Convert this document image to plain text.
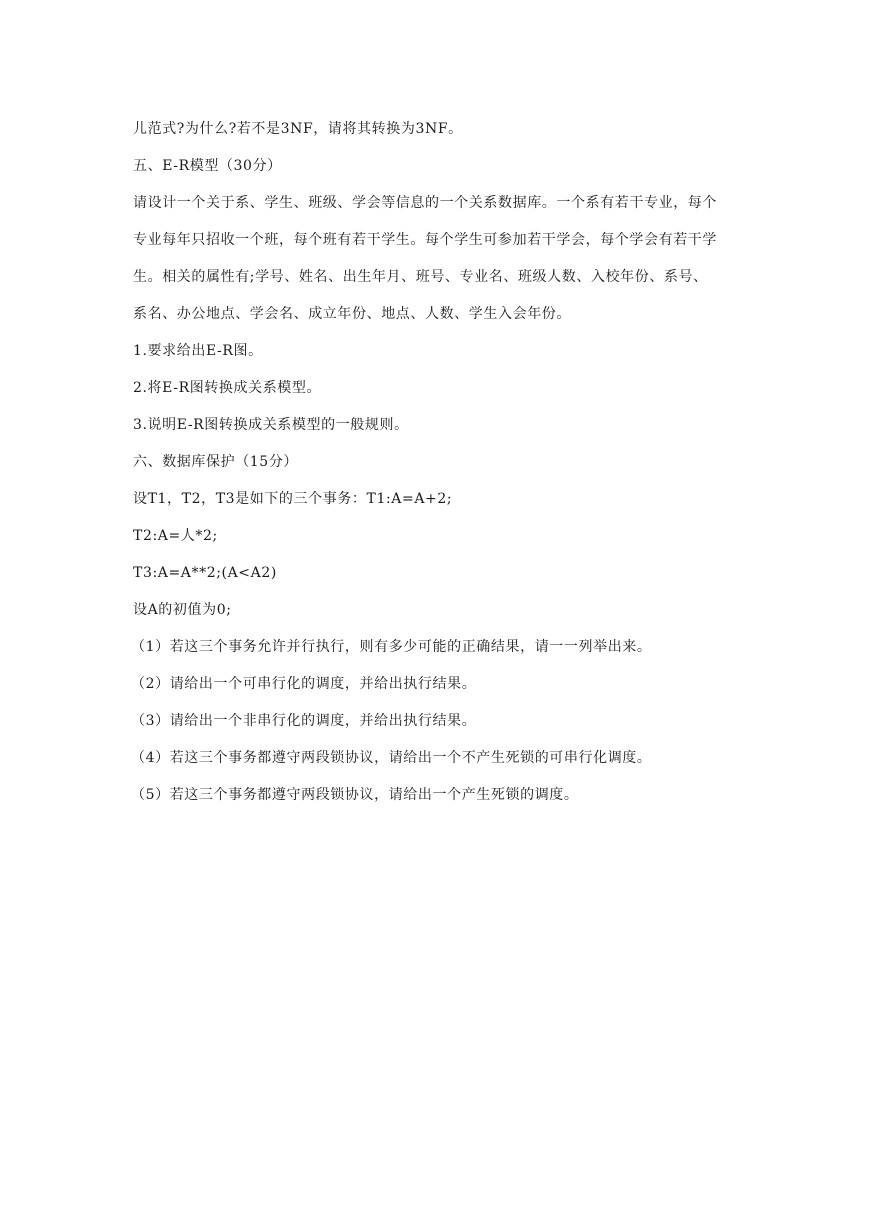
儿范式?为什么?若不是3NF，请将其转换为3NF。
五、E-R模型（30分）
请设计一个关于系、学生、班级、学会等信息的一个关系数据库。一个系有若干专业，每个
专业每年只招收一个班，每个班有若干学生。每个学生可参加若干学会，每个学会有若干学
生。相关的属性有;学号、姓名、出生年月、班号、专业名、班级人数、入校年份、系号、
系名、办公地点、学会名、成立年份、地点、人数、学生入会年份。
1.要求给出E-R图。
2.将E-R图转换成关系模型。
3.说明E-R图转换成关系模型的一般规则。
六、数据库保护（15分）
设T1，T2，T3是如下的三个事务：T1:A=A+2;
T2:A=人*2;
T3:A=A**2;(A<A2)
设A的初值为0;
（1）若这三个事务允许并行执行，则有多少可能的正确结果，请一一列举出来。
（2）请给出一个可串行化的调度，并给出执行结果。
（3）请给出一个非串行化的调度，并给出执行结果。
（4）若这三个事务都遵守两段锁协议，请给出一个不产生死锁的可串行化调度。
（5）若这三个事务都遵守两段锁协议，请给出一个产生死锁的调度。
